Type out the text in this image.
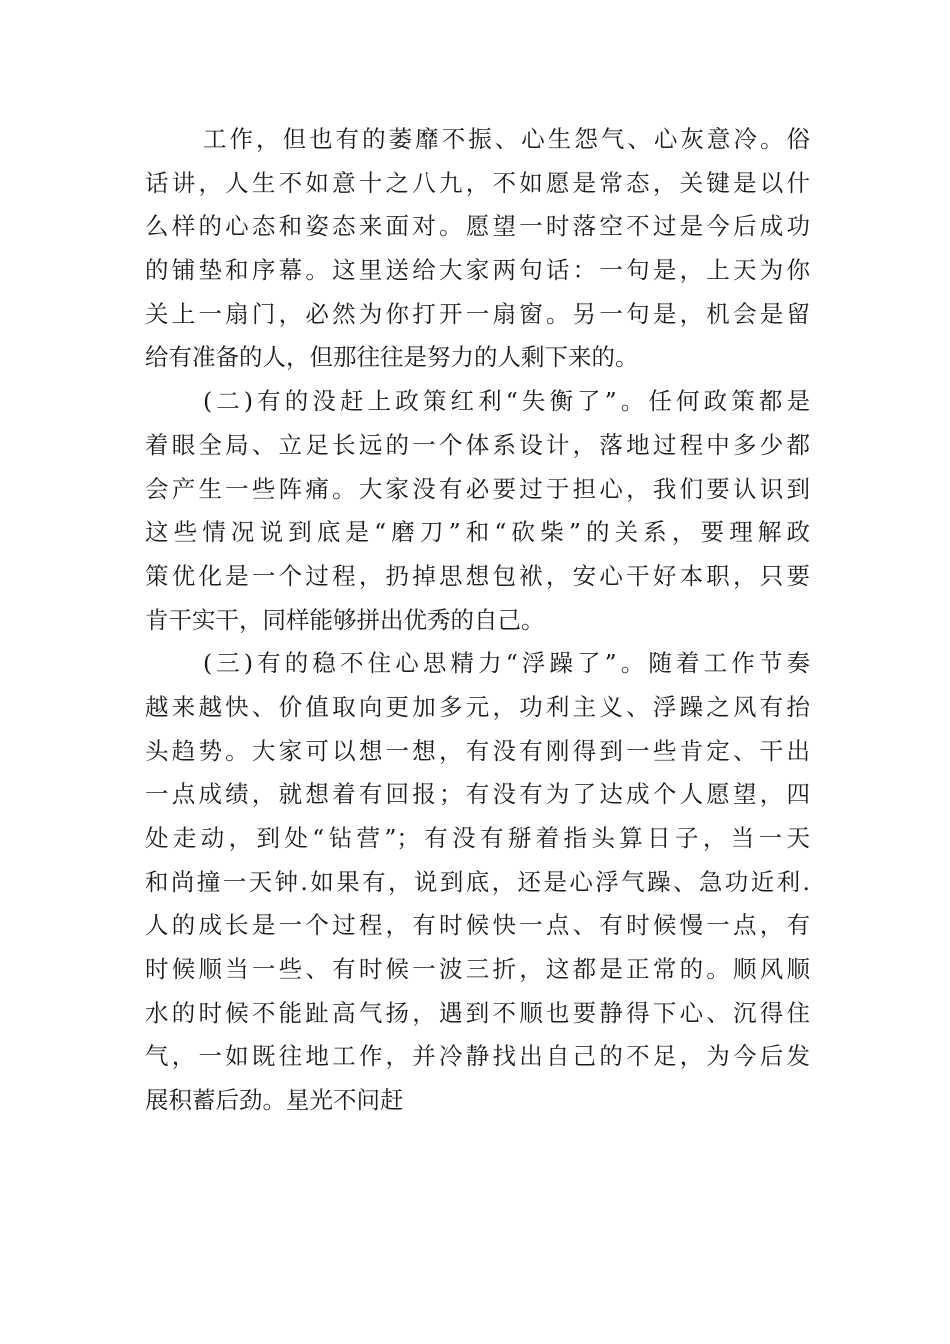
工作，但也有的萎靡不振、心生怨气、心灰意冷。俗
话讲，人生不如意十之八九，不如愿是常态，关键是以什
么样的心态和姿态来面对。愿望一时落空不过是今后成功
的铺垫和序幕。这里送给大家两句话：一句是，上天为你
关上一扇门，必然为你打开一扇窗。另一句是，机会是留
给有准备的人，但那往往是努力的人剩下来的。
(二)有的没赶上政策红利“失衡了”。任何政策都是
着眼全局、立足长远的一个体系设计，落地过程中多少都
会产生一些阵痛。大家没有必要过于担心，我们要认识到
这些情况说到底是“磨刀”和“砍柴”的关系，要理解政
策优化是一个过程，扔掉思想包袱，安心干好本职，只要
肯干实干，同样能够拼出优秀的自己。
(三)有的稳不住心思精力“浮躁了”。随着工作节奏
越来越快、价值取向更加多元，功利主义、浮躁之风有抬
头趋势。大家可以想一想，有没有刚得到一些肯定、干出
一点成绩，就想着有回报；有没有为了达成个人愿望，四
处走动，到处“钻营”；有没有掰着指头算日子，当一天
和尚撞一天钟.如果有，说到底，还是心浮气躁、急功近利.
人的成长是一个过程，有时候快一点、有时候慢一点，有
时候顺当一些、有时候一波三折，这都是正常的。顺风顺
水的时候不能趾高气扬，遇到不顺也要静得下心、沉得住
气，一如既往地工作，并冷静找出自己的不足，为今后发
展积蓄后劲。星光不问赶
